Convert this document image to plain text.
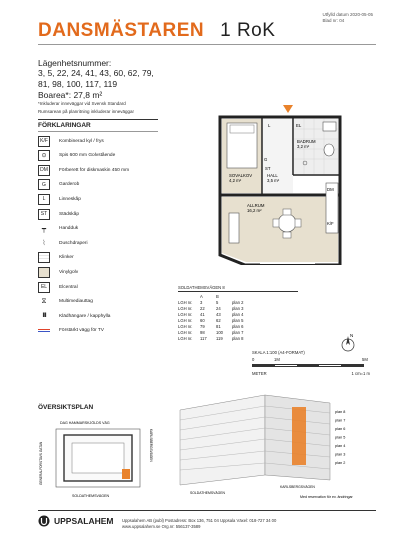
DANSMÄSTAREN 1 RoK
Utfylld datum 2020-05-05
Blad nr: 04
Lägenhetsnummer:
3, 5, 22, 24, 41, 43, 60, 62, 79,
81, 98, 100, 117, 119
Boarea*: 27,8 m²
*Inkluderar inneväggar vid Svensk Standard
Rumsarean på planritning inkluderar inneväggar
FÖRKLARINGAR
K/F	Kombinerad kyl / frys
⊙	Spis 600 mm Golvstående
DM	Förberett för diskmaskin 450 mm
G	Garderob
L	Linneskåp
ST	Städskåp
┯	Handduk
⌇	Duschdraperi
Klinker
Vinylgolv
EL	Elcentral
⧖	Multimediauttag
IIIII	Klädhängare / kapphylla
Förstärkt vägg för TV
SOVALKOV
4,2 m²
HALL
3,5 m²
BADRUM
3,2 m²
ALLRUM
16,2 m²
EL
L
G
ST
DM
K/F
SOLDATHEMSVÄGEN 8
A	B
LGH nr.	3	5	plan 2
LGH nr.	22	24	plan 3
LGH nr.	41	43	plan 4
LGH nr.	60	62	plan 5
LGH nr.	79	81	plan 6
LGH nr.	98	100	plan 7
LGH nr.	117	119	plan 8
N
SKALA 1:100 (A4-FORMAT)
0	1M	5M
METER	1 cm=1 m
ÖVERSIKTSPLAN
DAG HAMMARSKJÖLDS VÄG
SOLDATHEMSVÄGEN
GENERALFORSTAVS GATAN	KARLSBERGSVÄGEN
plan 8
plan 7
plan 6
plan 5
plan 4
plan 3
plan 2
SOLDATHEMSVÄGEN
KARLSBERGSVÄGEN
Med reservation för ev. ändringar
UPPSALAHEM Uppsalahem AB (publ) Postadress: Box 136, 751 04 Uppsala Växel: 018-727 34 00
www.uppsalahem.se Org.nr: 556137-3589
